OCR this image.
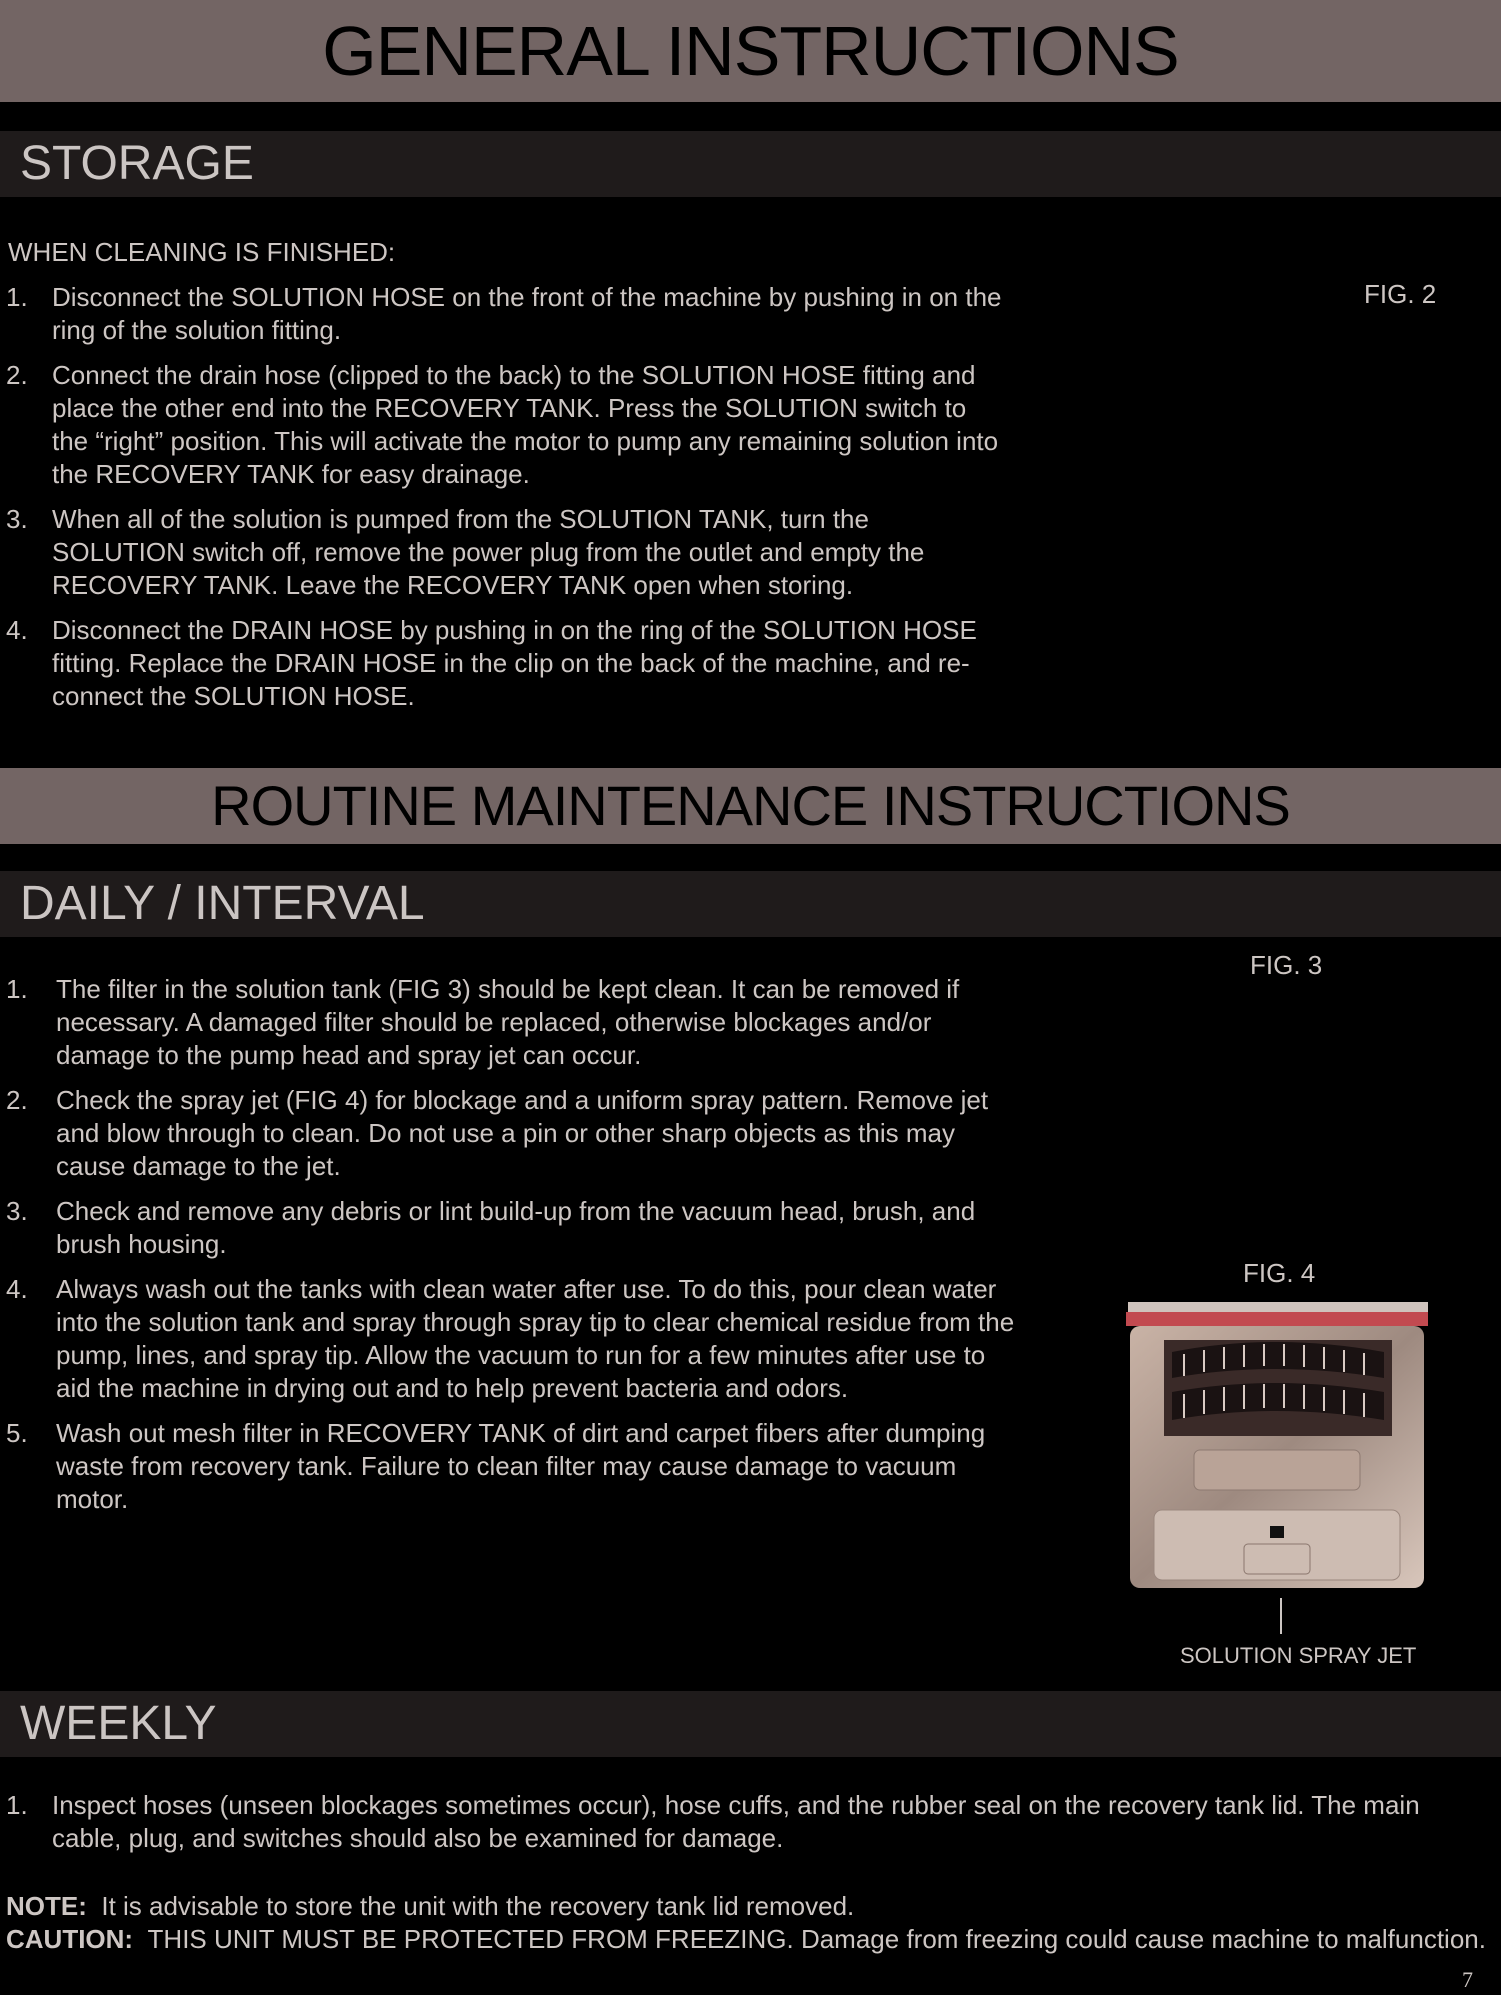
GENERAL INSTRUCTIONS
STORAGE
WHEN CLEANING IS FINISHED:
FIG. 2
1. Disconnect the SOLUTION HOSE on the front of the machine by pushing in on the ring of the solution fitting.
2. Connect the drain hose (clipped to the back) to the SOLUTION HOSE fitting and place the other end into the RECOVERY TANK. Press the SOLUTION switch to the “right” position. This will activate the motor to pump any remaining solution into the RECOVERY TANK for easy drainage.
3. When all of the solution is pumped from the SOLUTION TANK, turn the SOLUTION switch off, remove the power plug from the outlet and empty the RECOVERY TANK. Leave the RECOVERY TANK open when storing.
4. Disconnect the DRAIN HOSE by pushing in on the ring of the SOLUTION HOSE fitting. Replace the DRAIN HOSE in the clip on the back of the machine, and re-connect the SOLUTION HOSE.
ROUTINE MAINTENANCE INSTRUCTIONS
DAILY / INTERVAL
FIG. 3
1. The filter in the solution tank (FIG 3) should be kept clean. It can be removed if necessary. A damaged filter should be replaced, otherwise blockages and/or damage to the pump head and spray jet can occur.
2. Check the spray jet (FIG 4) for blockage and a uniform spray pattern. Remove jet and blow through to clean. Do not use a pin or other sharp objects as this may cause damage to the jet.
3. Check and remove any debris or lint build-up from the vacuum head, brush, and brush housing.
4. Always wash out the tanks with clean water after use. To do this, pour clean water into the solution tank and spray through spray tip to clear chemical residue from the pump, lines, and spray tip. Allow the vacuum to run for a few minutes after use to aid the machine in drying out and to help prevent bacteria and odors.
5. Wash out mesh filter in RECOVERY TANK of dirt and carpet fibers after dumping waste from recovery tank. Failure to clean filter may cause damage to vacuum motor.
FIG. 4
SOLUTION SPRAY JET
WEEKLY
1. Inspect hoses (unseen blockages sometimes occur), hose cuffs, and the rubber seal on the recovery tank lid. The main cable, plug, and switches should also be examined for damage.
NOTE: It is advisable to store the unit with the recovery tank lid removed.
CAUTION: THIS UNIT MUST BE PROTECTED FROM FREEZING. Damage from freezing could cause machine to malfunction.
7
